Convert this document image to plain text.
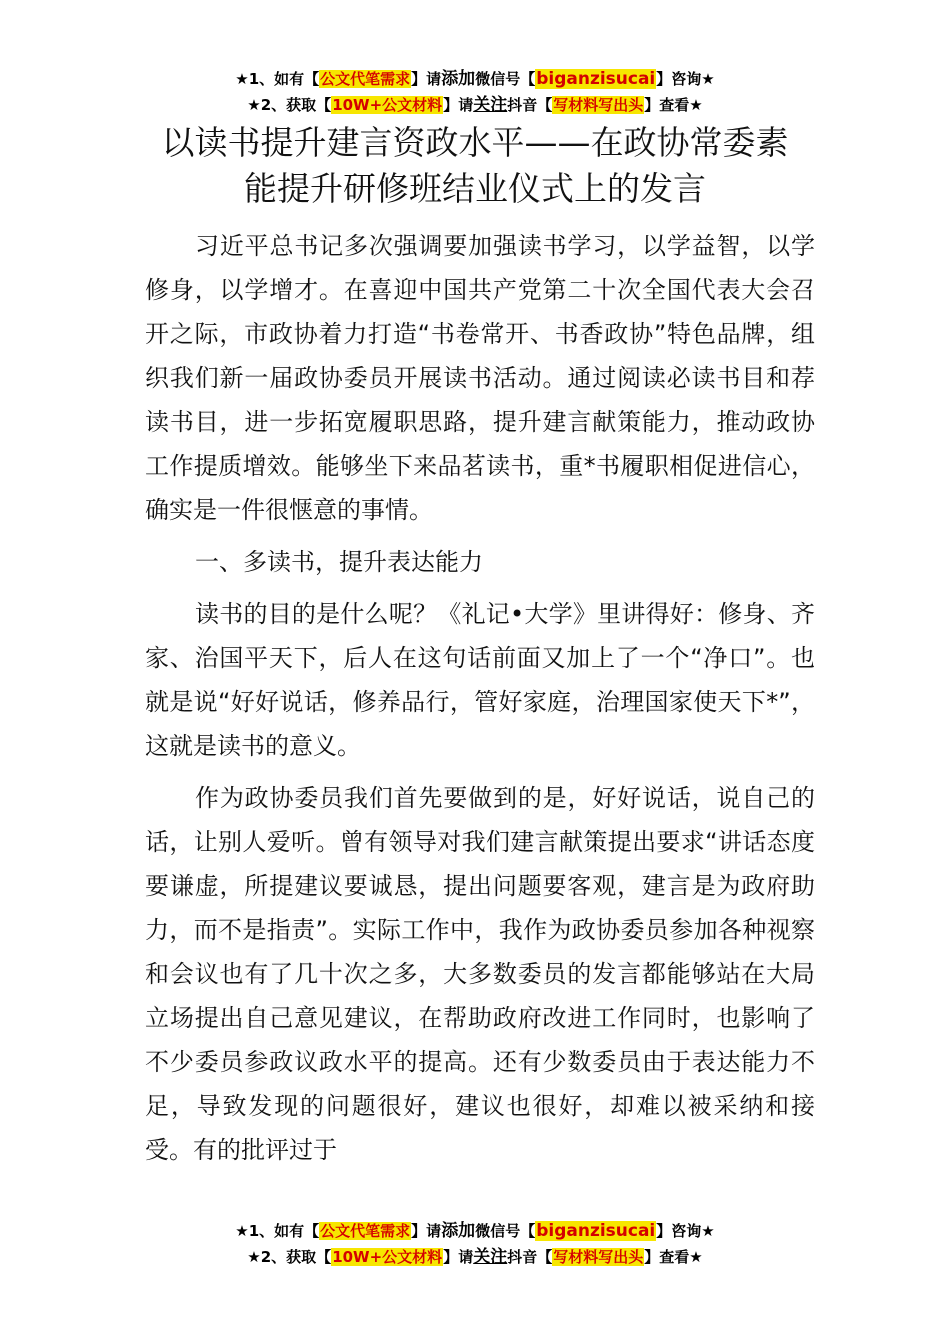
★1、如有【公文代笔需求】请添加微信号【biganzisucai】咨询★
★2、获取【10W+公文材料】请关注抖音【写材料写出头】查看★
以读书提升建言资政水平——在政协常委素
能提升研修班结业仪式上的发言

习近平总书记多次强调要加强读书学习，以学益智，以学修身，以学增才。在喜迎中国共产党第二十次全国代表大会召开之际，市政协着力打造“书卷常开、书香政协”特色品牌，组织我们新一届政协委员开展读书活动。通过阅读必读书目和荐读书目，进一步拓宽履职思路，提升建言献策能力，推动政协工作提质增效。能够坐下来品茗读书，重*书履职相促进信心，确实是一件很惬意的事情。

一、多读书，提升表达能力

读书的目的是什么呢？《礼记•大学》里讲得好：修身、齐家、治国平天下，后人在这句话前面又加上了一个“净口”。也就是说“好好说话，修养品行，管好家庭，治理国家使天下*”，这就是读书的意义。

作为政协委员我们首先要做到的是，好好说话，说自己的话，让别人爱听。曾有领导对我们建言献策提出要求“讲话态度要谦虚，所提建议要诚恳，提出问题要客观，建言是为政府助力，而不是指责”。实际工作中，我作为政协委员参加各种视察和会议也有了几十次之多，大多数委员的发言都能够站在大局立场提出自己意见建议，在帮助政府改进工作同时，也影响了不少委员参政议政水平的提高。还有少数委员由于表达能力不足，导致发现的问题很好，建议也很好，却难以被采纳和接受。有的批评过于

★1、如有【公文代笔需求】请添加微信号【biganzisucai】咨询★
★2、获取【10W+公文材料】请关注抖音【写材料写出头】查看★
